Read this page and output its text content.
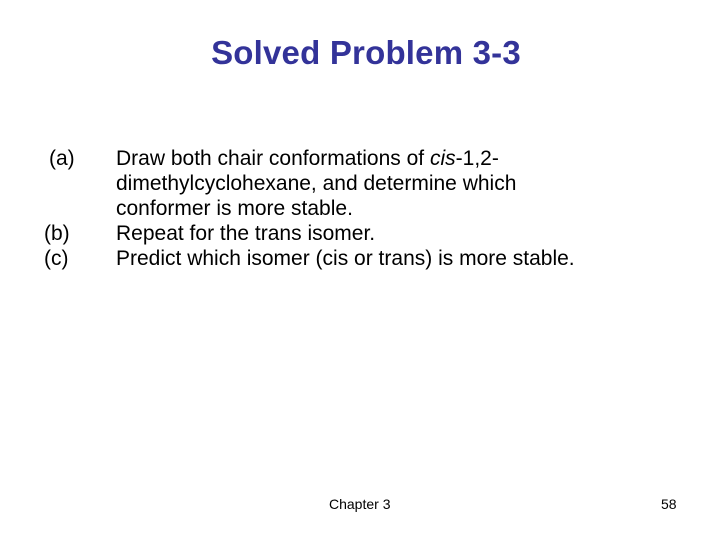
Solved Problem 3-3
(a) Draw both chair conformations of cis-1,2-
dimethylcyclohexane, and determine which
conformer is more stable.
(b) Repeat for the trans isomer.
(c) Predict which isomer (cis or trans) is more stable.
Chapter 3	58
